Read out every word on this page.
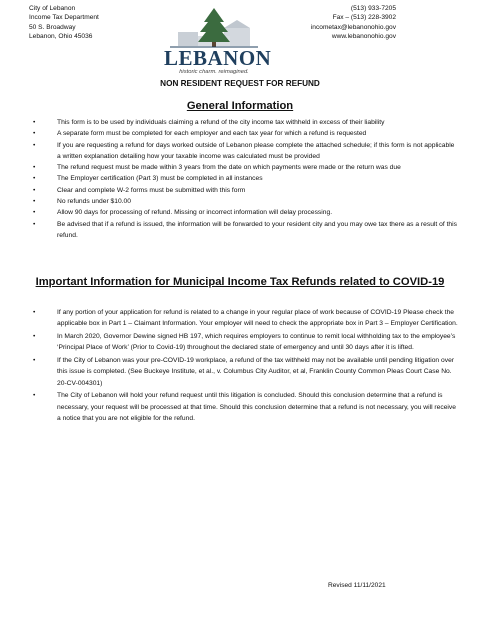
City of Lebanon
Income Tax Department
50 S. Broadway
Lebanon, Ohio 45036
LEBANON
historic charm. reimagined.
(513) 933-7205
Fax – (513) 228-3902
incometax@lebanonohio.gov
www.lebanonohio.gov
NON RESIDENT REQUEST FOR REFUND
General Information
•	This form is to be used by individuals claiming a refund of the city income tax withheld in excess of their liability
•	A separate form must be completed for each employer and each tax year for which a refund is requested
•	If you are requesting a refund for days worked outside of Lebanon please complete the attached schedule; if this form is not applicable a written explanation detailing how your taxable income was calculated must be provided
•	The refund request must be made within 3 years from the date on which payments were made or the return was due
•	The Employer certification (Part 3) must be completed in all instances
•	Clear and complete W-2 forms must be submitted with this form
•	No refunds under $10.00
•	Allow 90 days for processing of refund. Missing or incorrect information will delay processing.
•	Be advised that if a refund is issued, the information will be forwarded to your resident city and you may owe tax there as a result of this refund.
Important Information for Municipal Income Tax Refunds related to COVID-19
•	If any portion of your application for refund is related to a change in your regular place of work because of COVID-19 Please check the applicable box in Part 1 – Claimant Information. Your employer will need to check the appropriate box in Part 3 – Employer Certification.
•	In March 2020, Governor Dewine signed HB 197, which requires employers to continue to remit local withholding tax to the employee’s ‘Principal Place of Work’ (Prior to Covid-19) throughout the declared state of emergency and until 30 days after it is lifted.
•	If the City of Lebanon was your pre-COVID-19 workplace, a refund of the tax withheld may not be available until pending litigation over this issue is completed. (See Buckeye Institute, et al., v. Columbus City Auditor, et al, Franklin County Common Pleas Court Case No. 20-CV-004301)
•	The City of Lebanon will hold your refund request until this litigation is concluded. Should this conclusion determine that a refund is necessary, your request will be processed at that time. Should this conclusion determine that a refund is not necessary, you will receive a notice that you are not eligible for the refund.
Revised 11/11/2021
